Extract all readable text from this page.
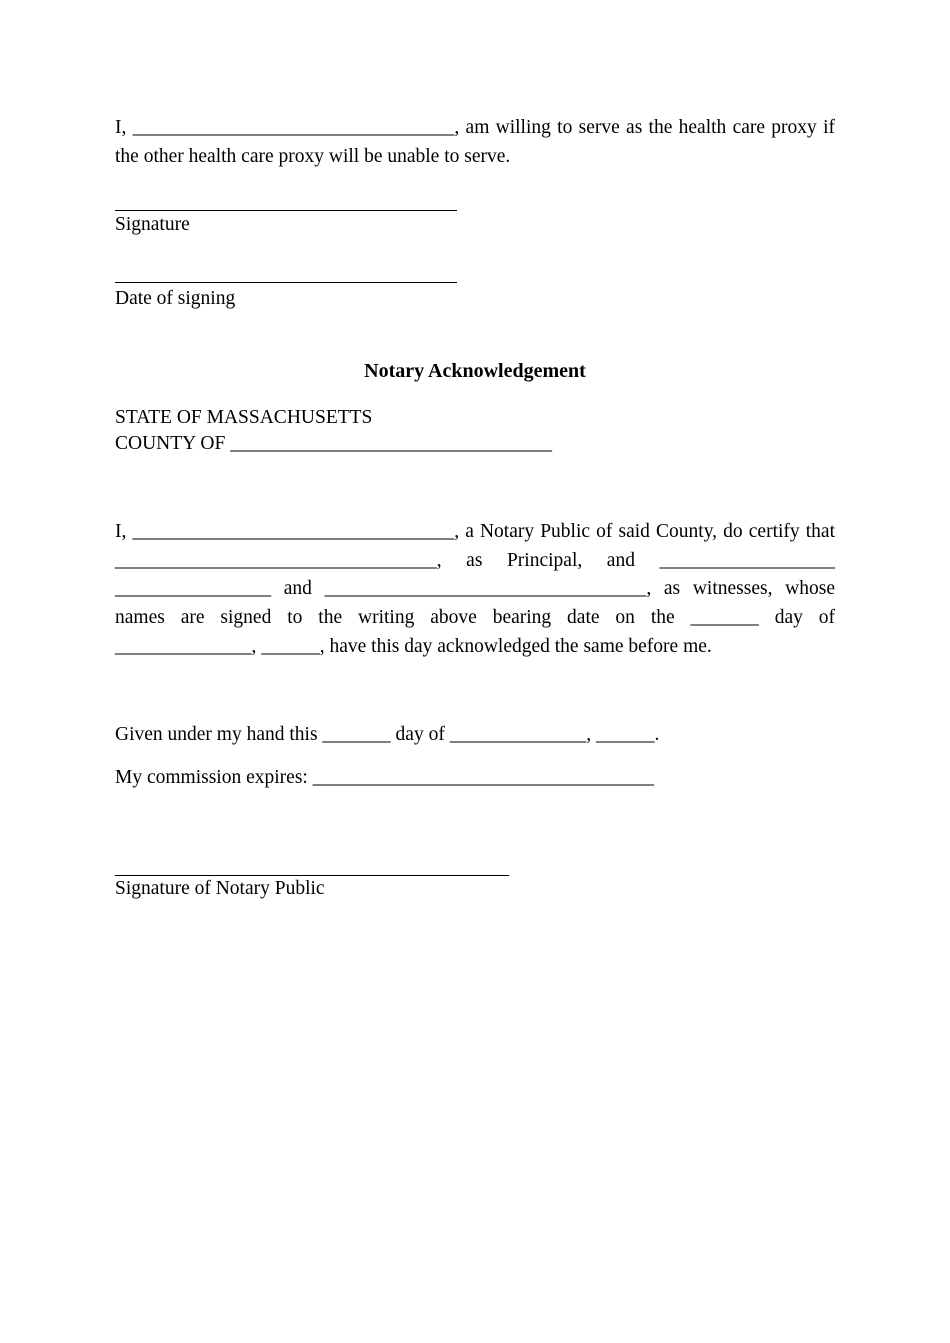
I, _________________________________, am willing to serve as the health care proxy if the other health care proxy will be unable to serve.
Signature
Date of signing
Notary Acknowledgement
STATE OF MASSACHUSETTS
COUNTY OF _________________________________
I, _________________________________, a Notary Public of said County, do certify that _________________________________, as Principal, and __________________ ________________ and _________________________________, as witnesses, whose names are signed to the writing above bearing date on the _______ day of ______________, ______, have this day acknowledged the same before me.
Given under my hand this _______ day of ______________, ______.
My commission expires: ___________________________________
Signature of Notary Public
